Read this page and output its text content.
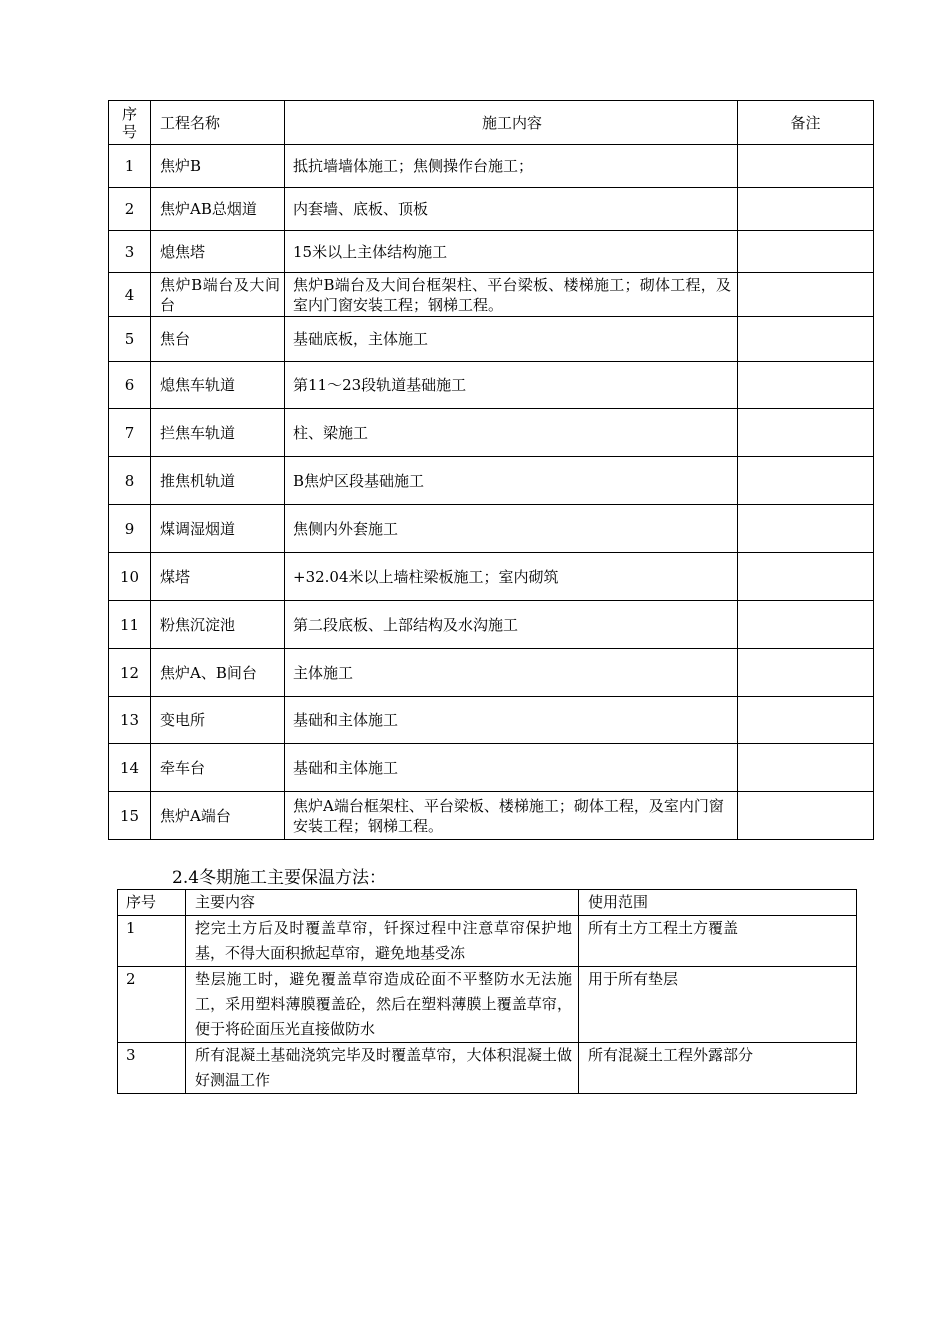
序号	工程名称	施工内容	备注
1	焦炉B	抵抗墙墙体施工；焦侧操作台施工；	
2	焦炉AB总烟道	内套墙、底板、顶板	
3	熄焦塔	15米以上主体结构施工	
4	焦炉B端台及大间台	焦炉B端台及大间台框架柱、平台梁板、楼梯施工；砌体工程，及室内门窗安装工程；钢梯工程。	
5	焦台	基础底板，主体施工	
6	熄焦车轨道	第11～23段轨道基础施工	
7	拦焦车轨道	柱、梁施工	
8	推焦机轨道	B焦炉区段基础施工	
9	煤调湿烟道	焦侧内外套施工	
10	煤塔	+32.04米以上墙柱梁板施工；室内砌筑	
11	粉焦沉淀池	第二段底板、上部结构及水沟施工	
12	焦炉A、B间台	主体施工	
13	变电所	基础和主体施工	
14	牵车台	基础和主体施工	
15	焦炉A端台	焦炉A端台框架柱、平台梁板、楼梯施工；砌体工程，及室内门窗安装工程；钢梯工程。	
2.4冬期施工主要保温方法：
序号	主要内容	使用范围
1	挖完土方后及时覆盖草帘，钎探过程中注意草帘保护地基，不得大面积掀起草帘，避免地基受冻	所有土方工程土方覆盖
2	垫层施工时，避免覆盖草帘造成砼面不平整防水无法施工，采用塑料薄膜覆盖砼，然后在塑料薄膜上覆盖草帘，便于将砼面压光直接做防水	用于所有垫层
3	所有混凝土基础浇筑完毕及时覆盖草帘，大体积混凝土做好测温工作	所有混凝土工程外露部分
